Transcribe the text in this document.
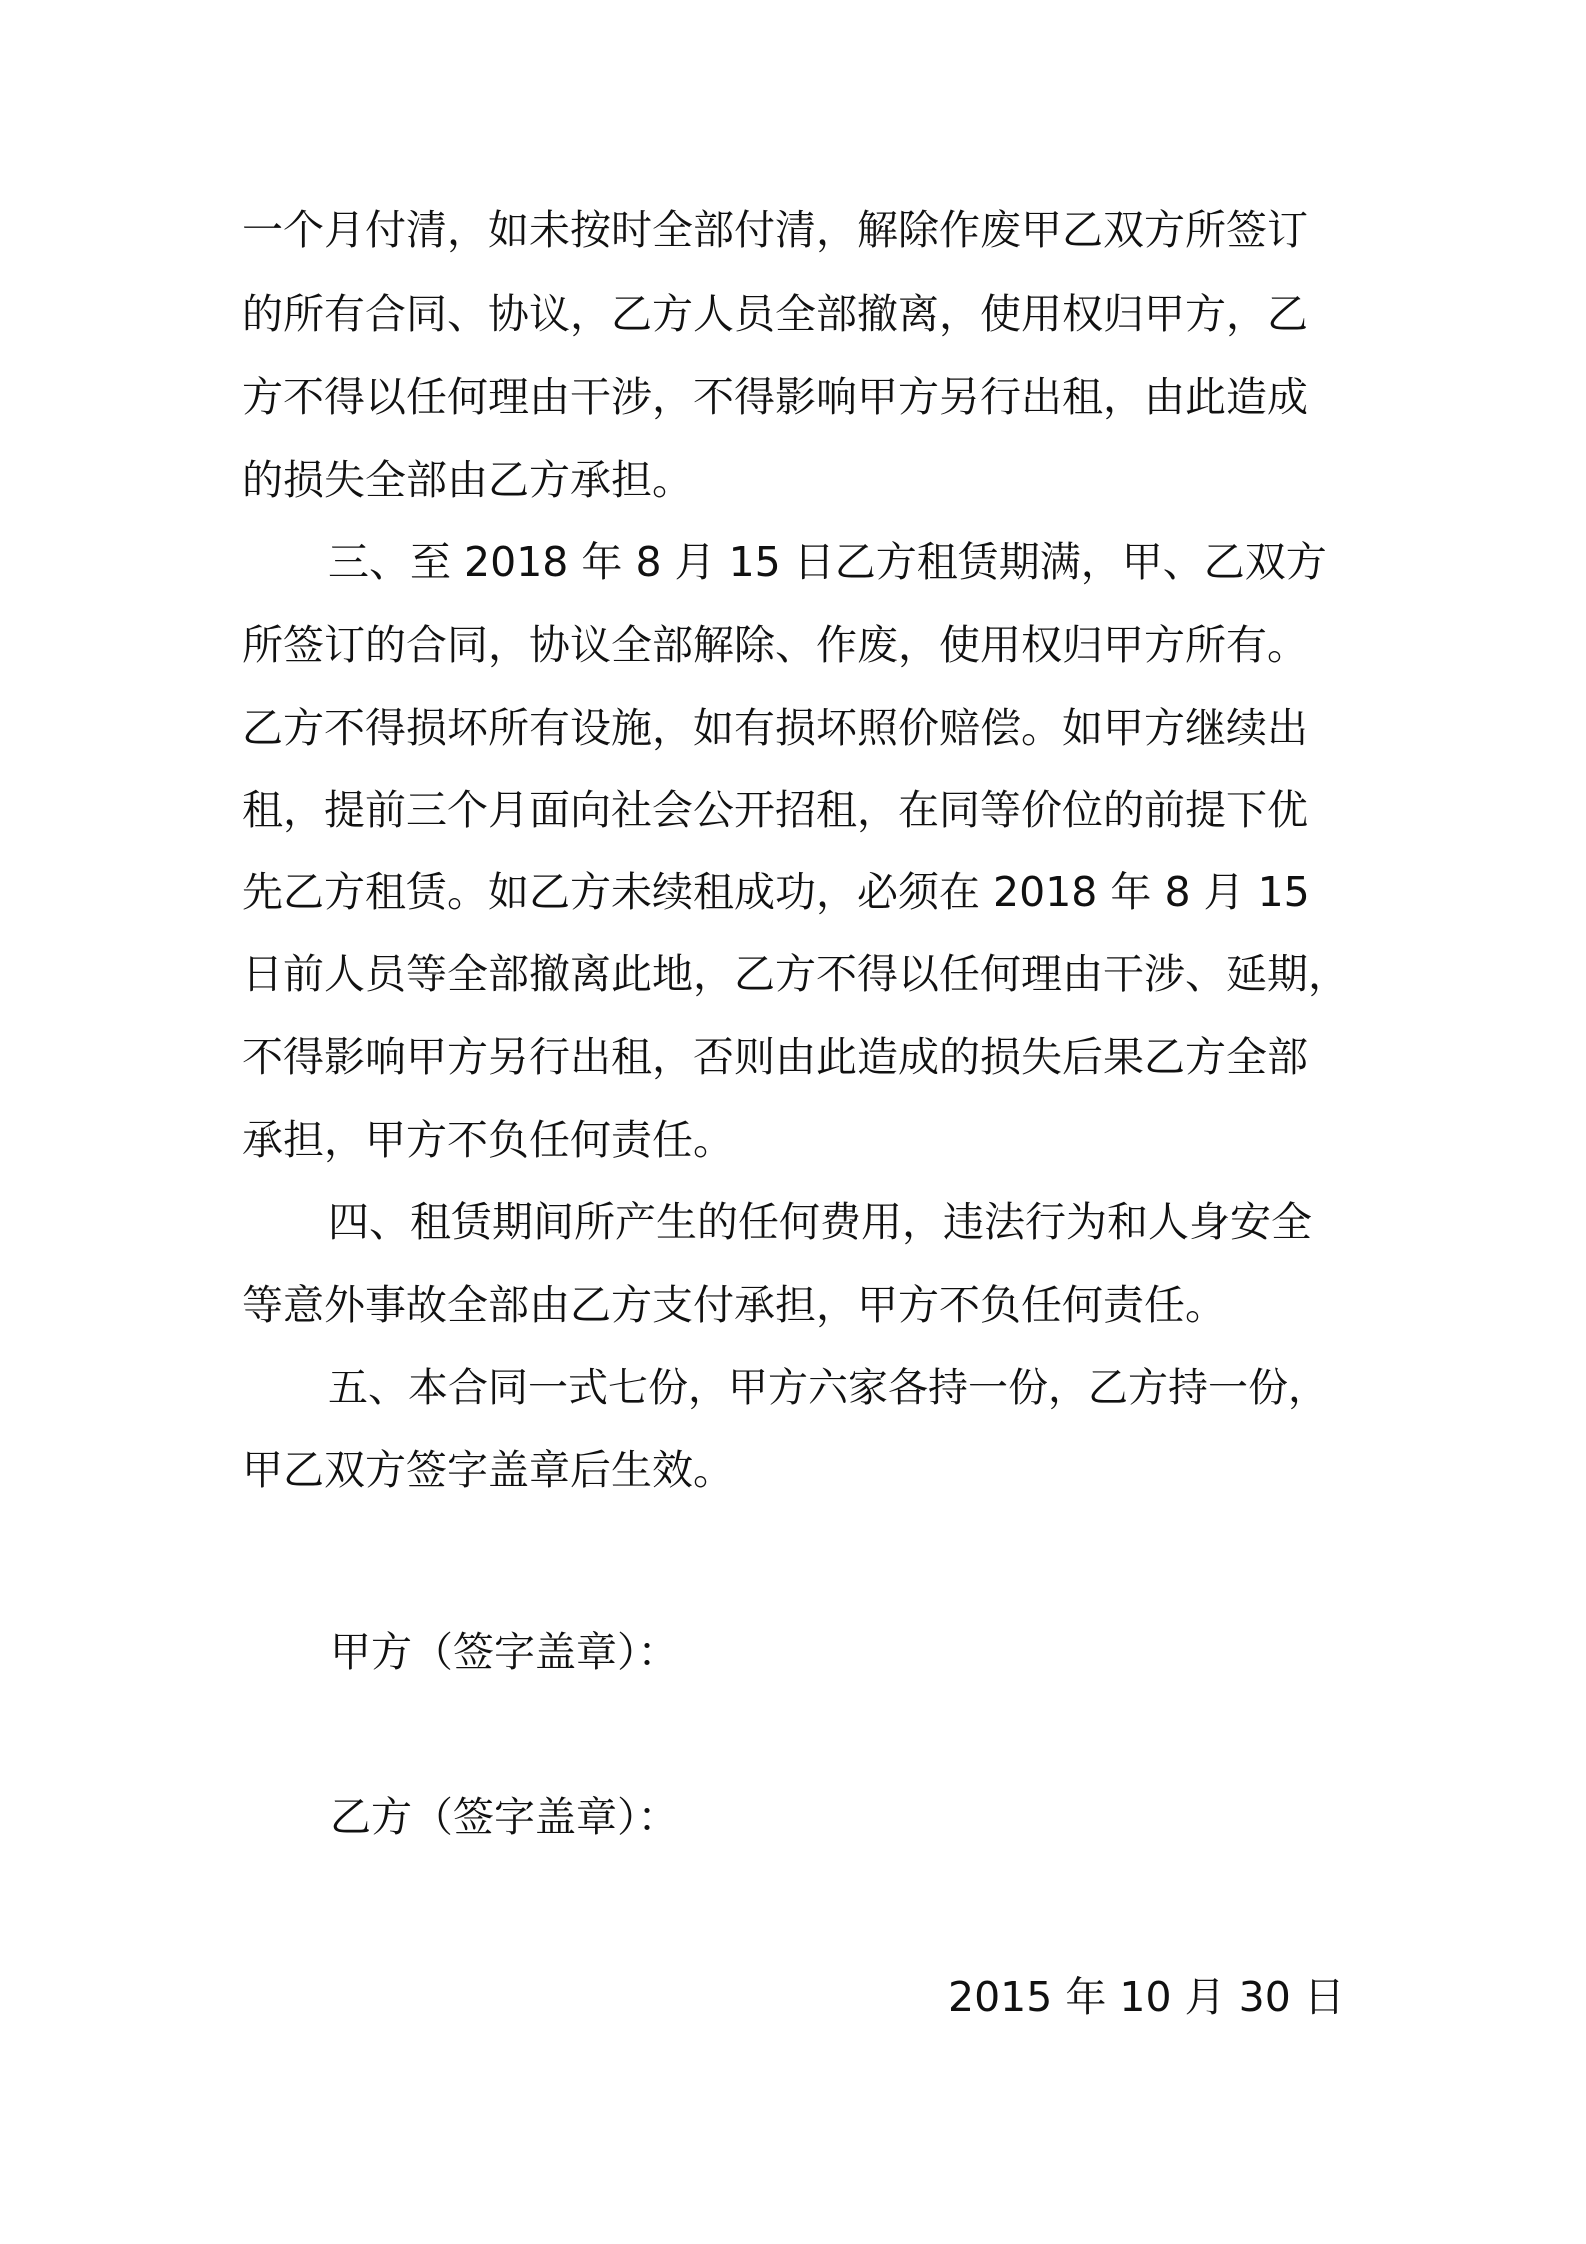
一个月付清，如未按时全部付清，解除作废甲乙双方所签订
的所有合同、协议，乙方人员全部撤离，使用权归甲方，乙
方不得以任何理由干涉，不得影响甲方另行出租，由此造成
的损失全部由乙方承担。
三、至 2018 年 8 月 15 日乙方租赁期满，甲、乙双方
所签订的合同，协议全部解除、作废，使用权归甲方所有。
乙方不得损坏所有设施，如有损坏照价赔偿。如甲方继续出
租，提前三个月面向社会公开招租，在同等价位的前提下优
先乙方租赁。如乙方未续租成功，必须在 2018 年 8 月 15
日前人员等全部撤离此地，乙方不得以任何理由干涉、延期，
不得影响甲方另行出租，否则由此造成的损失后果乙方全部
承担，甲方不负任何责任。
四、租赁期间所产生的任何费用，违法行为和人身安全
等意外事故全部由乙方支付承担，甲方不负任何责任。
五、本合同一式七份，甲方六家各持一份，乙方持一份，
甲乙双方签字盖章后生效。
甲方（签字盖章）：
乙方（签字盖章）：
2015 年 10 月 30 日
